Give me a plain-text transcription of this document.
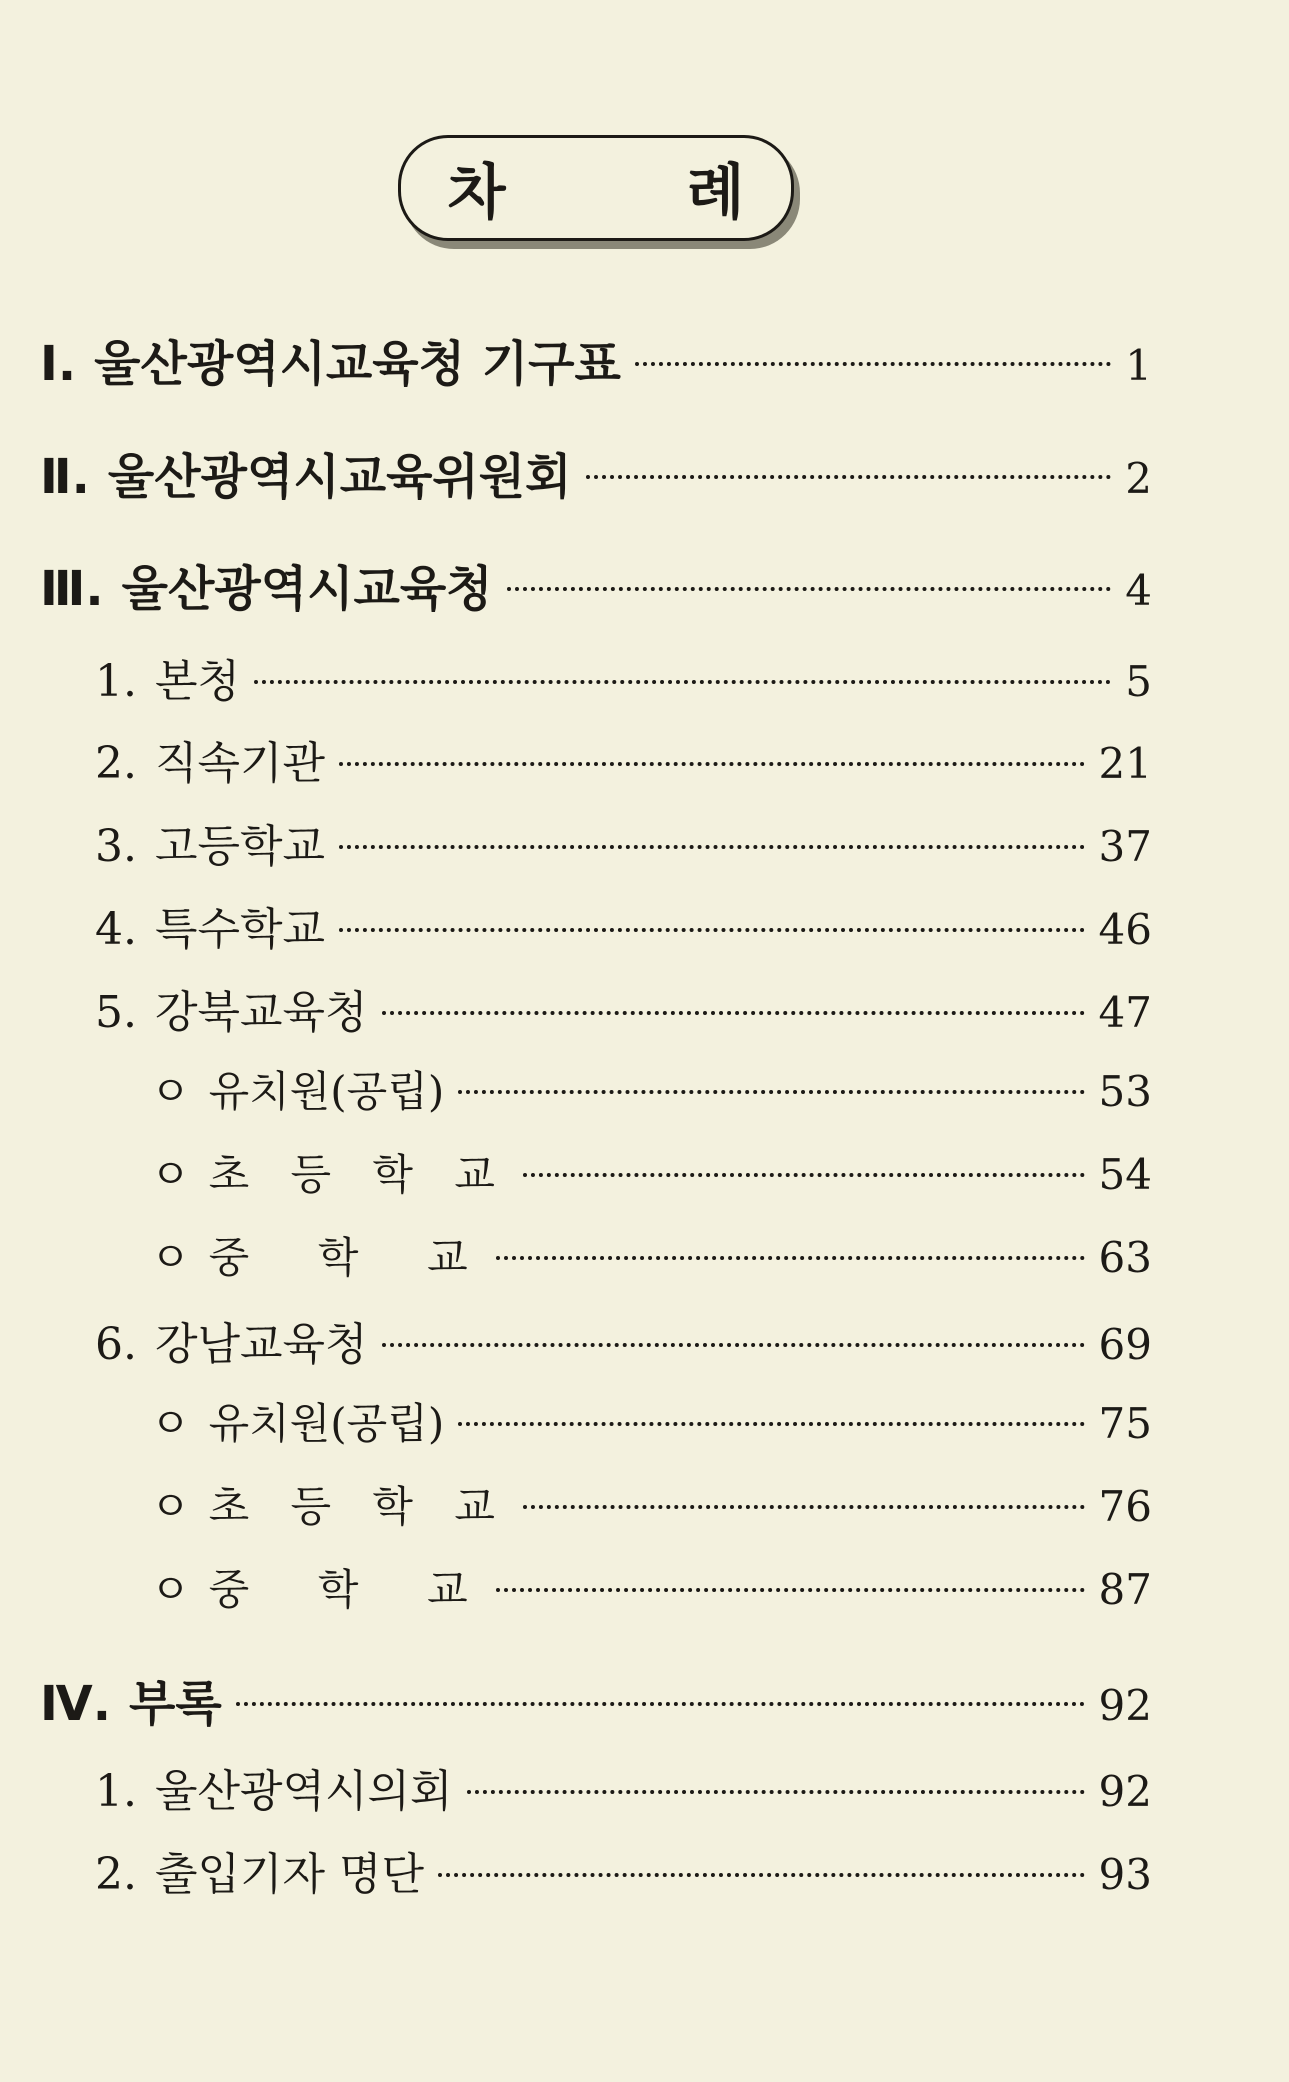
차 례
Ⅰ. 울산광역시교육청 기구표	1
Ⅱ. 울산광역시교육위원회	2
Ⅲ. 울산광역시교육청	4
1. 본청	5
2. 직속기관	21
3. 고등학교	37
4. 특수학교	46
5. 강북교육청	47
ㅇ 유치원(공립)	53
ㅇ 초 등 학 교	54
ㅇ 중  학  교	63
6. 강남교육청	69
ㅇ 유치원(공립)	75
ㅇ 초 등 학 교	76
ㅇ 중  학  교	87
Ⅳ. 부록	92
1. 울산광역시의회	92
2. 출입기자 명단	93
